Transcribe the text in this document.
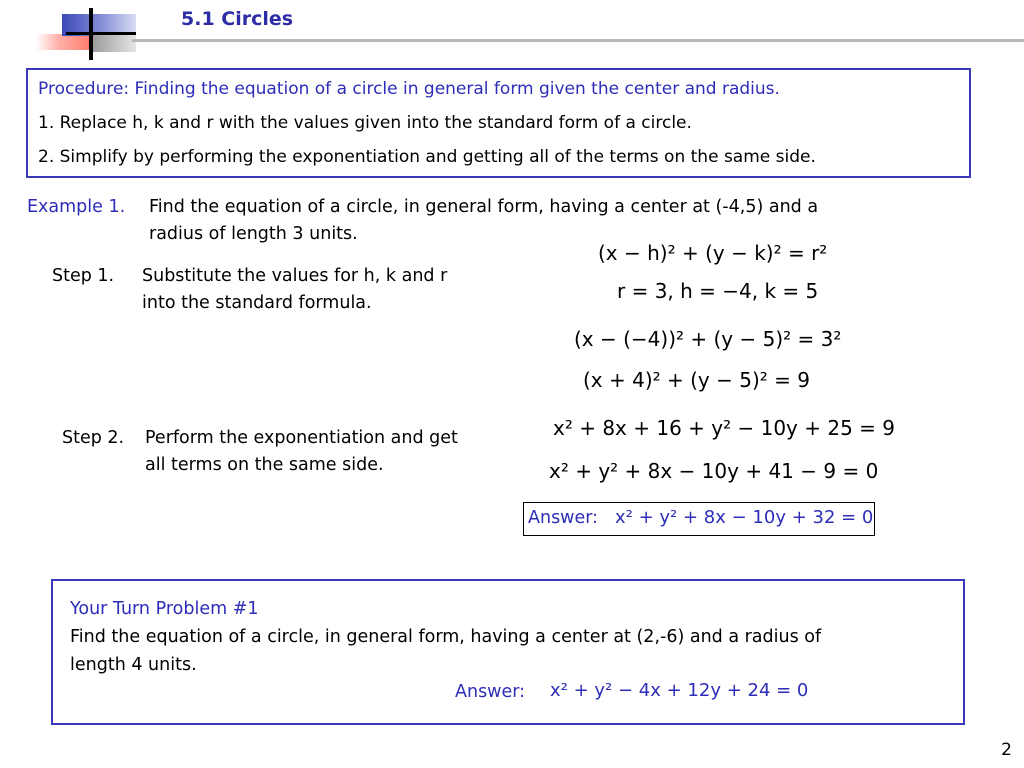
5.1 Circles
Procedure: Finding the equation of a circle in general form given the center and radius.
1. Replace h, k and r with the values given into the standard form of a circle.
2. Simplify by performing the exponentiation and getting all of the terms on the same side.
Example 1. Find the equation of a circle, in general form, having a center at (-4,5) and a
radius of length 3 units.
Step 1. Substitute the values for h, k and r
into the standard formula.
Step 2. Perform the exponentiation and get
all terms on the same side.
(x − h)² + (y − k)² = r²
r = 3, h = −4, k = 5
(x − (−4))² + (y − 5)² = 3²
(x + 4)² + (y − 5)² = 9
x² + 8x + 16 + y² − 10y + 25 = 9
x² + y² + 8x − 10y + 41 − 9 = 0
Answer: x² + y² + 8x − 10y + 32 = 0
Your Turn Problem #1
Find the equation of a circle, in general form, having a center at (2,-6) and a radius of
length 4 units.
Answer: x² + y² − 4x + 12y + 24 = 0
2
